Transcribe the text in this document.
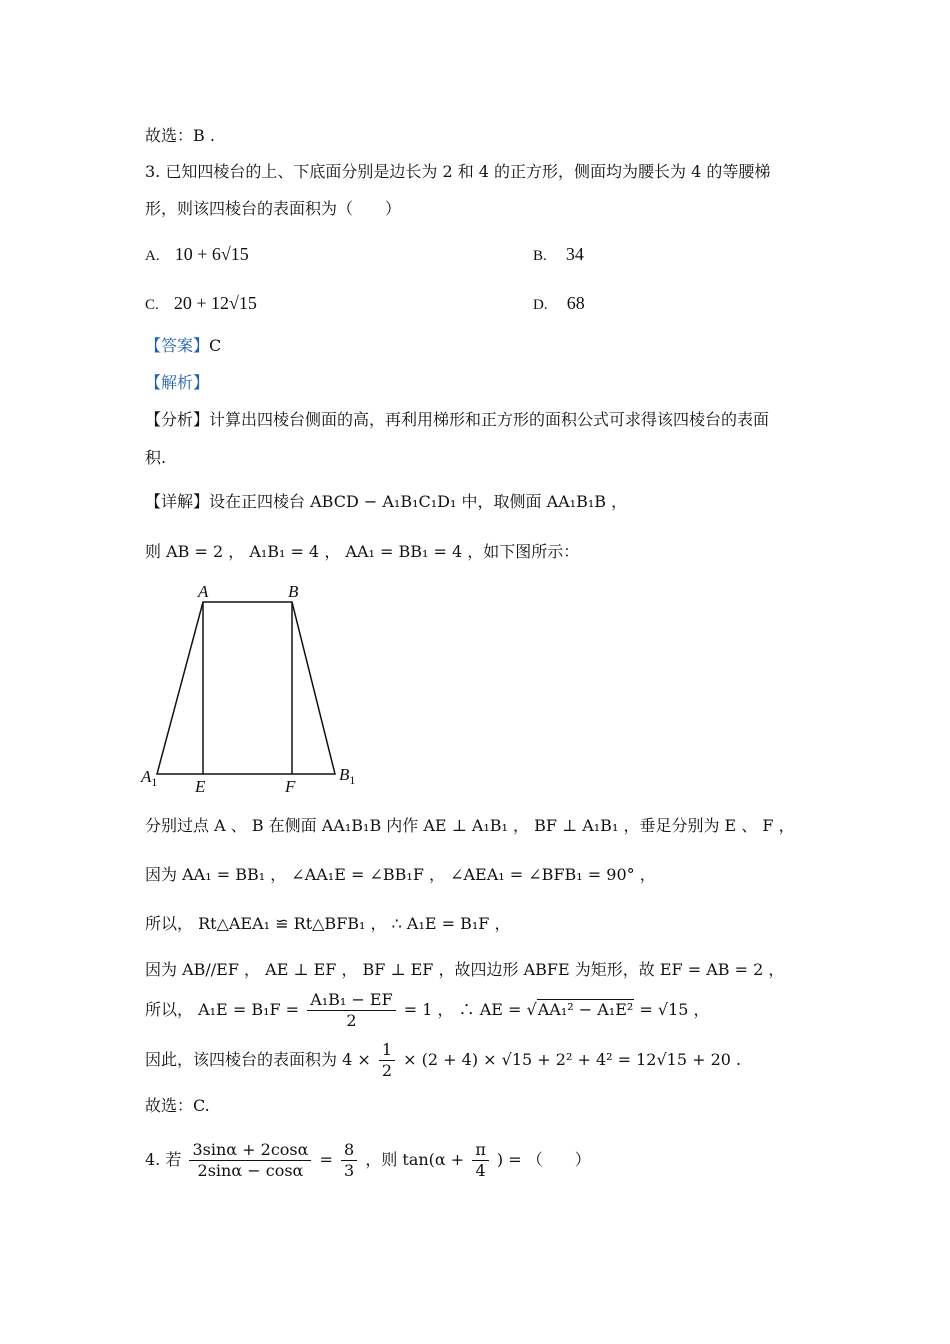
故选：B .
3. 已知四棱台的上、下底面分别是边长为 2 和 4 的正方形，侧面均为腰长为 4 的等腰梯
形，则该四棱台的表面积为（　　）
A. 10 + 6√15	B. 34
C. 20 + 12√15	D. 68
【答案】C
【解析】
【分析】计算出四棱台侧面的高，再利用梯形和正方形的面积公式可求得该四棱台的表面
积.
【详解】设在正四棱台 ABCD − A₁B₁C₁D₁ 中，取侧面 AA₁B₁B ，
则 AB = 2 ， A₁B₁ = 4 ， AA₁ = BB₁ = 4 ，如下图所示：
A	B
$A_1$	$B_1$
E	F
分别过点 A 、 B 在侧面 AA₁B₁B 内作 AE ⊥ A₁B₁ ， BF ⊥ A₁B₁ ，垂足分别为 E 、 F ，
因为 AA₁ = BB₁ ， ∠AA₁E = ∠BB₁F ， ∠AEA₁ = ∠BFB₁ = 90° ，
所以， Rt△AEA₁ ≌ Rt△BFB₁ ， ∴ A₁E = B₁F ，
因为 AB//EF ， AE ⊥ EF ， BF ⊥ EF ，故四边形 ABFE 为矩形，故 EF = AB = 2 ，
所以， $A_1E = B_1F = \frac{\text{A₁B₁ − EF}}{2} = 1$ ， ∴ AE = √AA₁² − A₁E² = √15 ，
因此，该四棱台的表面积为 $4 \times \frac{1}{2} \times (2 + 4) \times √15 + 2^2 + 4^2 = 12√15 + 20$ .
故选：C.
4. 若 $\frac{3\sin\alpha + 2\cos\alpha}{2\sin\alpha - \cos\alpha} = \frac{8}{3}$ ，则 $\tan(\alpha + \frac{\pi}{4}$ ) = （　　）
